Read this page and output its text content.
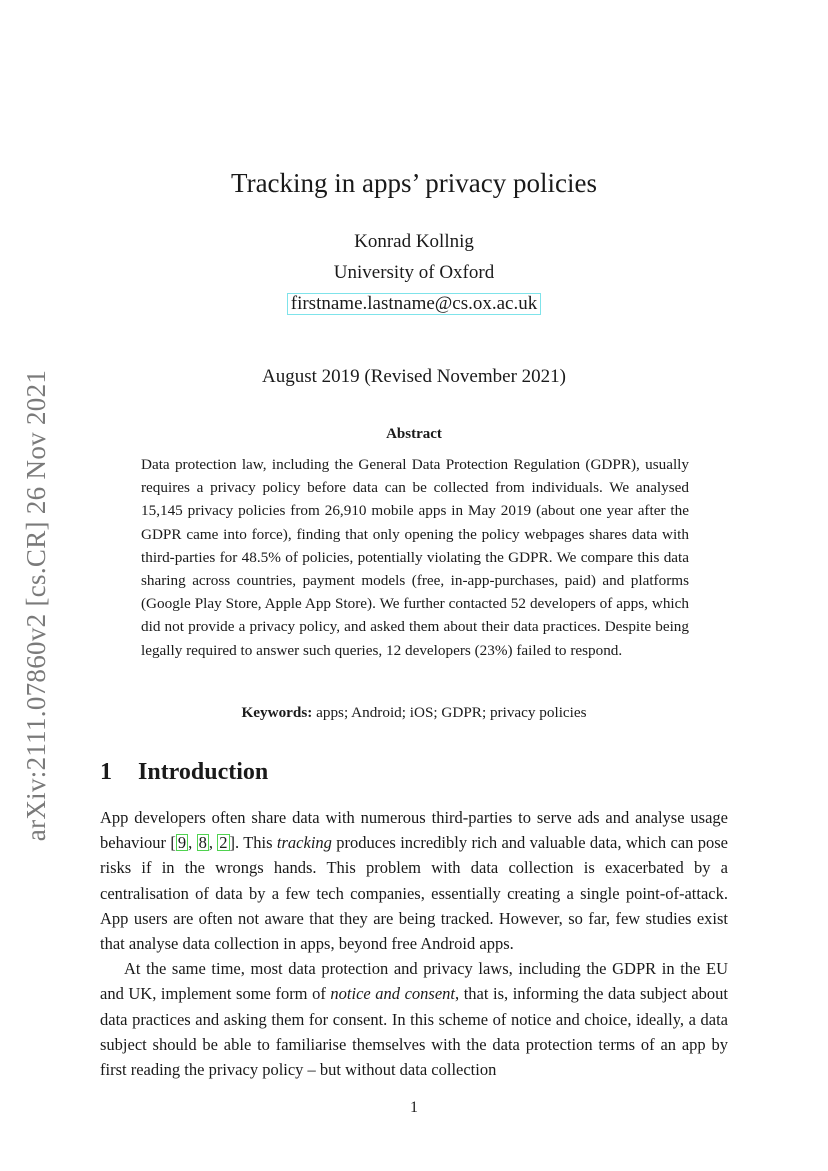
arXiv:2111.07860v2 [cs.CR] 26 Nov 2021
Tracking in apps’ privacy policies
Konrad Kollnig
University of Oxford
firstname.lastname@cs.ox.ac.uk
August 2019 (Revised November 2021)
Abstract
Data protection law, including the General Data Protection Regulation (GDPR), usually requires a privacy policy before data can be collected from individuals. We analysed 15,145 privacy policies from 26,910 mobile apps in May 2019 (about one year after the GDPR came into force), finding that only opening the policy webpages shares data with third-parties for 48.5% of policies, potentially violating the GDPR. We compare this data sharing across countries, payment models (free, in-app-purchases, paid) and platforms (Google Play Store, Apple App Store). We further contacted 52 developers of apps, which did not provide a privacy policy, and asked them about their data practices. Despite being legally required to answer such queries, 12 developers (23%) failed to respond.
Keywords: apps; Android; iOS; GDPR; privacy policies
1 Introduction

App developers often share data with numerous third-parties to serve ads and analyse usage behaviour [ 9 , 8 , 2 ]. This tracking produces incredibly rich and valuable data, which can pose risks if in the wrongs hands. This problem with data collection is exacerbated by a centralisation of data by a few tech companies, essentially creating a single point-of-attack. App users are often not aware that they are being tracked. However, so far, few studies exist that analyse data collection in apps, beyond free Android apps.

At the same time, most data protection and privacy laws, including the GDPR in the EU and UK, implement some form of notice and consent, that is, informing the data subject about data practices and asking them for consent. In this scheme of notice and choice, ideally, a data subject should be able to familiarise themselves with the data protection terms of an app by first reading the privacy policy – but without data collection

1
